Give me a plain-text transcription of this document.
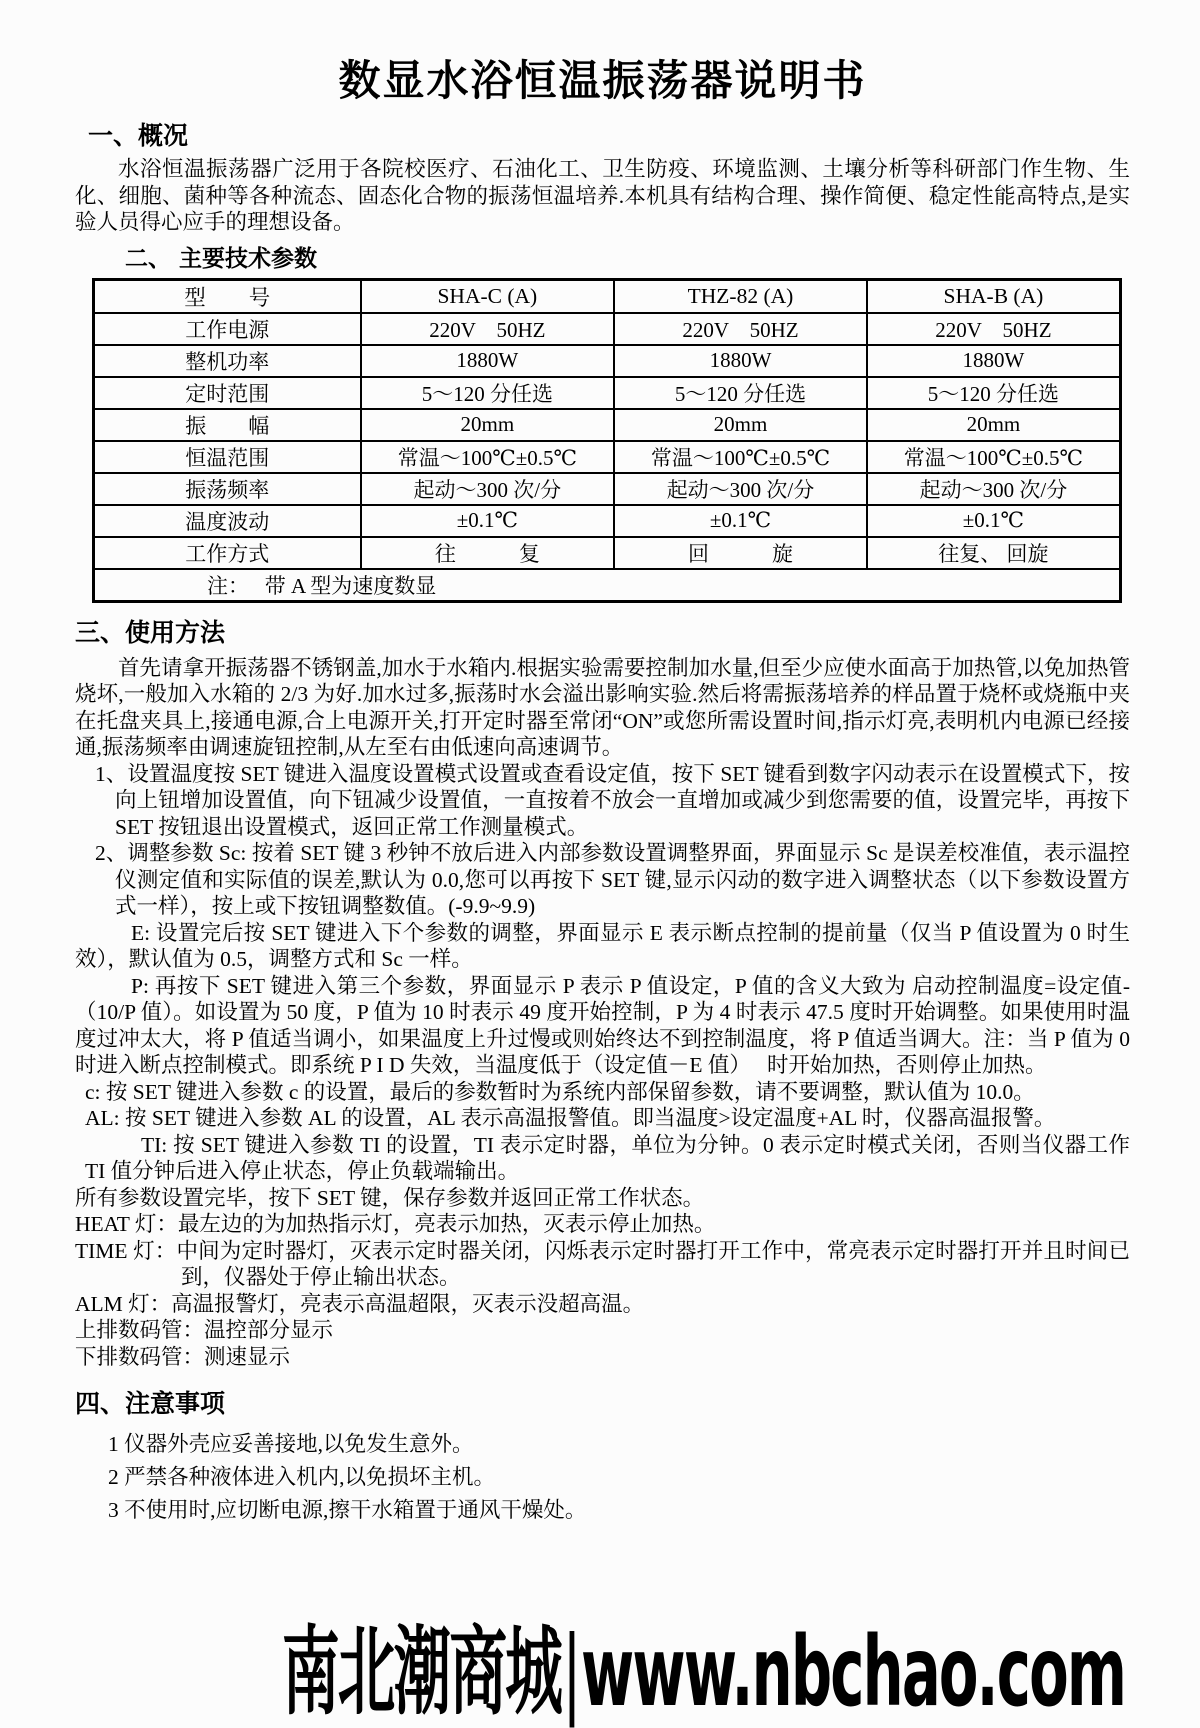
数显水浴恒温振荡器说明书
一、概况

水浴恒温振荡器广泛用于各院校医疗、石油化工、卫生防疫、环境监测、土壤分析等科研部门作生物、生化、细胞、菌种等各种流态、固态化合物的振荡恒温培养.本机具有结构合理、操作简便、稳定性能高特点,是实验人员得心应手的理想设备。

二、 主要技术参数
型　　号	SHA-C (A)	THZ-82 (A)	SHA-B (A)
工作电源	220V　50HZ	220V　50HZ	220V　50HZ
整机功率	1880W	1880W	1880W
定时范围	5～120 分任选	5～120 分任选	5～120 分任选
振　　幅	20mm	20mm	20mm
恒温范围	常温～100℃±0.5℃	常温～100℃±0.5℃	常温～100℃±0.5℃
振荡频率	起动～300 次/分	起动～300 次/分	起动～300 次/分
温度波动	±0.1℃	±0.1℃	±0.1℃
工作方式	往　　　复	回　　　旋	往复、 回旋
注：　 带 A 型为速度数显			
三、使用方法

首先请拿开振荡器不锈钢盖,加水于水箱内.根据实验需要控制加水量,但至少应使水面高于加热管,以免加热管烧坏,一般加入水箱的 2/3 为好.加水过多,振荡时水会溢出影响实验.然后将需振荡培养的样品置于烧杯或烧瓶中夹在托盘夹具上,接通电源,合上电源开关,打开定时器至常闭“ON”或您所需设置时间,指示灯亮,表明机内电源已经接通,振荡频率由调速旋钮控制,从左至右由低速向高速调节。

1、设置温度按 SET 键进入温度设置模式设置或查看设定值，按下 SET 键看到数字闪动表示在设置模式下，按向上钮增加设置值，向下钮减少设置值，一直按着不放会一直增加或减少到您需要的值，设置完毕，再按下 SET 按钮退出设置模式，返回正常工作测量模式。

2、调整参数 Sc: 按着 SET 键 3 秒钟不放后进入内部参数设置调整界面，界面显示 Sc 是误差校准值，表示温控仪测定值和实际值的误差,默认为 0.0,您可以再按下 SET 键,显示闪动的数字进入调整状态（以下参数设置方式一样），按上或下按钮调整数值。(-9.9~9.9)

E: 设置完后按 SET 键进入下个参数的调整，界面显示 E 表示断点控制的提前量（仅当 P 值设置为 0 时生效），默认值为 0.5，调整方式和 Sc 一样。

P: 再按下 SET 键进入第三个参数，界面显示 P 表示 P 值设定，P 值的含义大致为 启动控制温度=设定值-（10/P 值）。如设置为 50 度，P 值为 10 时表示 49 度开始控制，P 为 4 时表示 47.5 度时开始调整。如果使用时温度过冲太大，将 P 值适当调小，如果温度上升过慢或则始终达不到控制温度，将 P 值适当调大。注：当 P 值为 0 时进入断点控制模式。即系统 P I D 失效，当温度低于（设定值－E 值）　 时开始加热，否则停止加热。

c: 按 SET 键进入参数 c 的设置，最后的参数暂时为系统内部保留参数，请不要调整，默认值为 10.0。

AL: 按 SET 键进入参数 AL 的设置，AL 表示高温报警值。即当温度>设定温度+AL 时，仪器高温报警。

TI: 按 SET 键进入参数 TI 的设置，TI 表示定时器，单位为分钟。0 表示定时模式关闭，否则当仪器工作 TI 值分钟后进入停止状态，停止负载端输出。

所有参数设置完毕，按下 SET 键，保存参数并返回正常工作状态。

HEAT 灯：最左边的为加热指示灯，亮表示加热，灭表示停止加热。

TIME 灯：中间为定时器灯，灭表示定时器关闭，闪烁表示定时器打开工作中，常亮表示定时器打开并且时间已到，仪器处于停止输出状态。

ALM 灯：高温报警灯，亮表示高温超限，灭表示没超高温。

上排数码管：温控部分显示

下排数码管：测速显示

四、注意事项

1 仪器外壳应妥善接地,以免发生意外。

2 严禁各种液体进入机内,以免损坏主机。

3 不使用时,应切断电源,擦干水箱置于通风干燥处。

南北潮商城|www.nbchao.com
